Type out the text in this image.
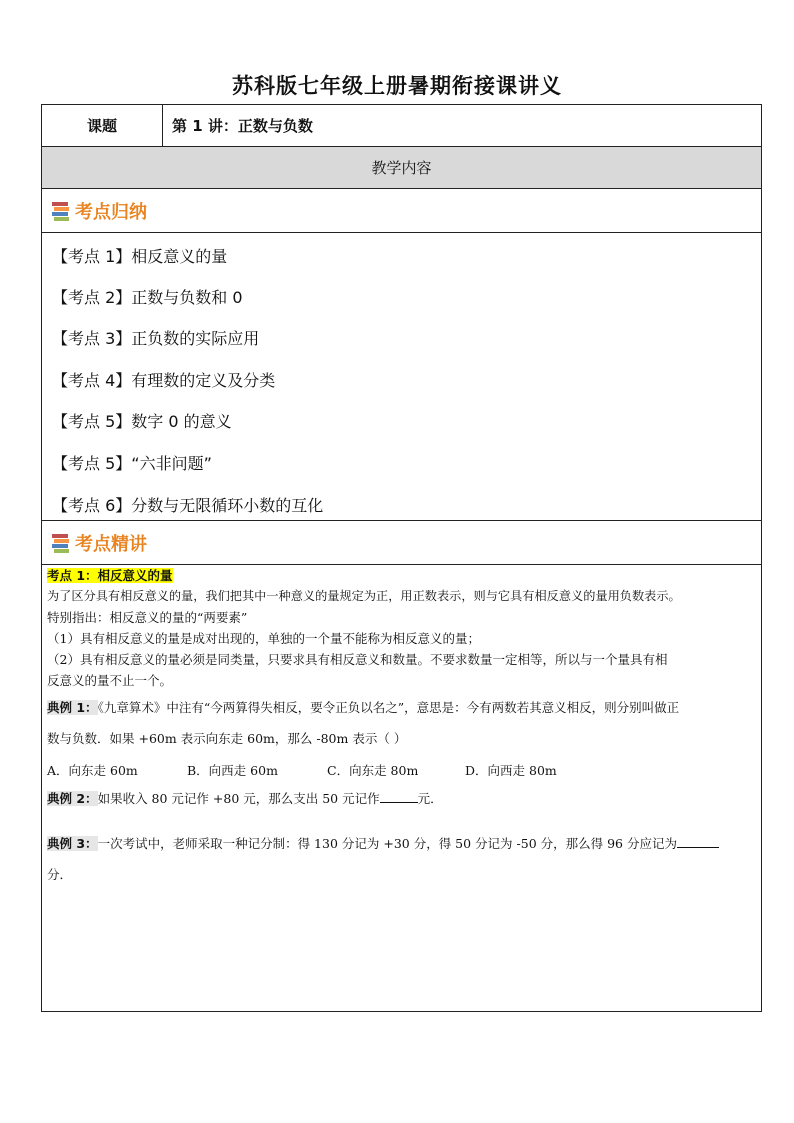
苏科版七年级上册暑期衔接课讲义
课题	第 1 讲：正数与负数
教学内容
考点归纳
【考点 1】相反意义的量
【考点 2】正数与负数和 0
【考点 3】正负数的实际应用
【考点 4】有理数的定义及分类
【考点 5】数字 0 的意义
【考点 5】“六非问题”
【考点 6】分数与无限循环小数的互化
考点精讲

考点 1：相反意义的量

为了区分具有相反意义的量，我们把其中一种意义的量规定为正，用正数表示，则与它具有相反意义的量用负数表示。

特别指出：相反意义的量的“两要素”

（1）具有相反意义的量是成对出现的，单独的一个量不能称为相反意义的量；

（2）具有相反意义的量必须是同类量，只要求具有相反意义和数量。不要求数量一定相等，所以与一个量具有相

反意义的量不止一个。

典例 1：《九章算术》中注有“今两算得失相反，要令正负以名之”，意思是：今有两数若其意义相反，则分别叫做正
数与负数．如果 +60m 表示向东走 60m，那么 -80m 表示（ ）
A．向东走 60m	B．向西走 60m	C．向东走 80m	D．向西走 80m
典例 2：如果收入 80 元记作 +80 元，那么支出 50 元记作	元．
典例 3：一次考试中，老师采取一种记分制：得 130 分记为 +30 分，得 50 分记为 -50 分，那么得 96 分应记为
分．
